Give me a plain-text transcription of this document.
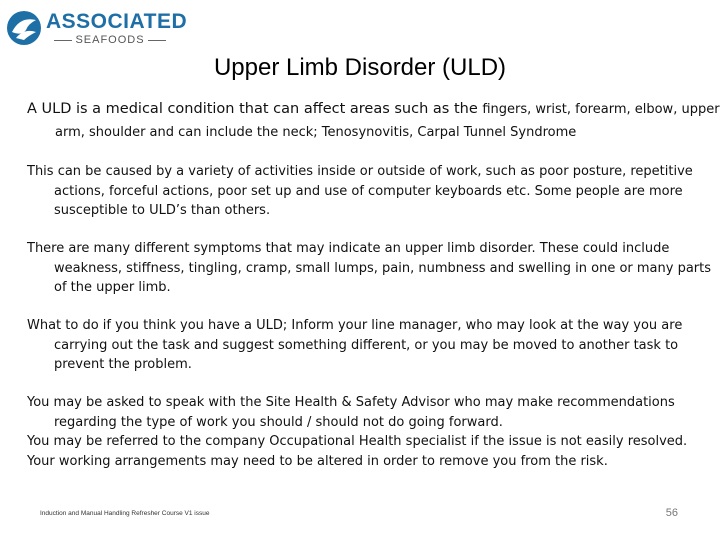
ASSOCIATED
SEAFOODS
Upper Limb Disorder (ULD)

A ULD is a medical condition that can affect areas such as the fingers, wrist, forearm, elbow, upper arm, shoulder and can include the neck; Tenosynovitis, Carpal Tunnel Syndrome

This can be caused by a variety of activities inside or outside of work, such as poor posture, repetitive actions, forceful actions, poor set up and use of computer keyboards etc. Some people are more susceptible to ULD’s than others.

There are many different symptoms that may indicate an upper limb disorder. These could include weakness, stiffness, tingling, cramp, small lumps, pain, numbness and swelling in one or many parts of the upper limb.

What to do if you think you have a ULD; Inform your line manager, who may look at the way you are carrying out the task and suggest something different, or you may be moved to another task to prevent the problem.

You may be asked to speak with the Site Health & Safety Advisor who may make recommendations regarding the type of work you should / should not do going forward.
You may be referred to the company Occupational Health specialist if the issue is not easily resolved.
Your working arrangements may need to be altered in order to remove you from the risk.
Induction and Manual Handling Refresher Course V1 issue	56
